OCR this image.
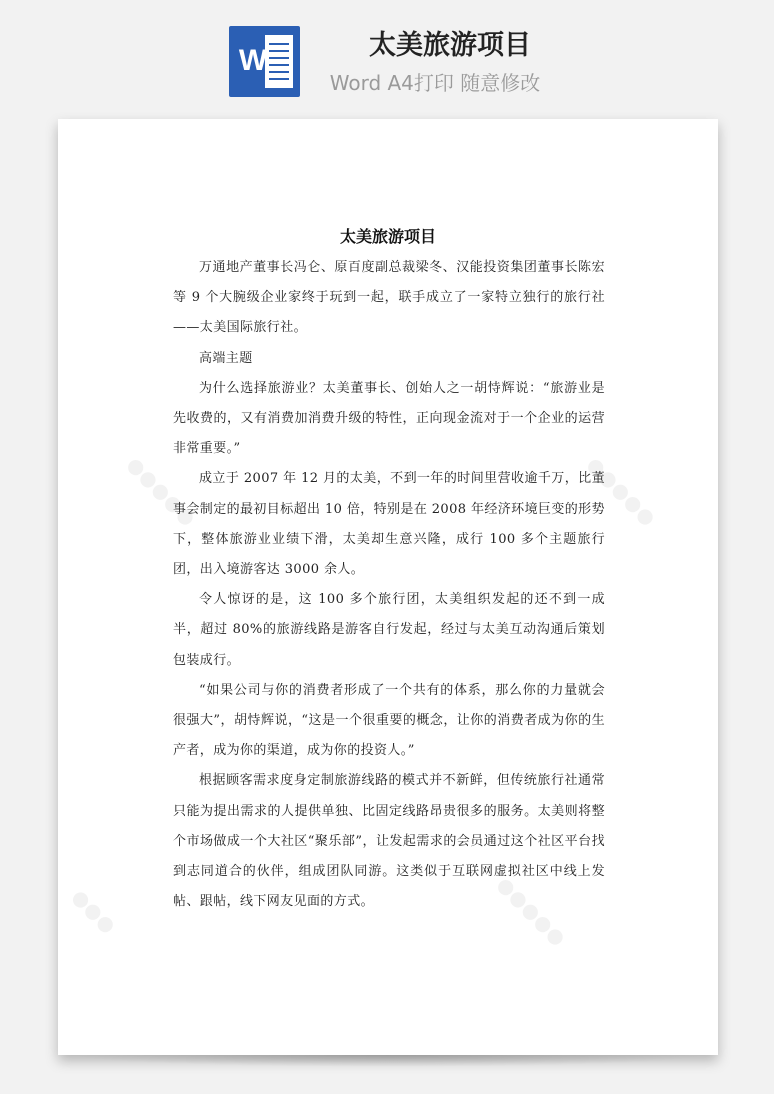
W	太美旅游项目
Word A4打印 随意修改
●●●●●	●●●●●
●●●	●●●●●
太美旅游项目

万通地产董事长冯仑、原百度副总裁梁冬、汉能投资集团董事长陈宏等 9 个大腕级企业家终于玩到一起，联手成立了一家特立独行的旅行社——太美国际旅行社。

高端主题

为什么选择旅游业？太美董事长、创始人之一胡恃辉说：“旅游业是先收费的，又有消费加消费升级的特性，正向现金流对于一个企业的运营非常重要。”

成立于 2007 年 12 月的太美，不到一年的时间里营收逾千万，比董事会制定的最初目标超出 10 倍，特别是在 2008 年经济环境巨变的形势下，整体旅游业业绩下滑，太美却生意兴隆，成行 100 多个主题旅行团，出入境游客达 3000 余人。

令人惊讶的是，这 100 多个旅行团，太美组织发起的还不到一成半，超过 80%的旅游线路是游客自行发起，经过与太美互动沟通后策划包装成行。

“如果公司与你的消费者形成了一个共有的体系，那么你的力量就会很强大”，胡恃辉说，“这是一个很重要的概念，让你的消费者成为你的生产者，成为你的渠道，成为你的投资人。”

根据顾客需求度身定制旅游线路的模式并不新鲜，但传统旅行社通常只能为提出需求的人提供单独、比固定线路昂贵很多的服务。太美则将整个市场做成一个大社区“聚乐部”，让发起需求的会员通过这个社区平台找到志同道合的伙伴，组成团队同游。这类似于互联网虚拟社区中线上发帖、跟帖，线下网友见面的方式。
